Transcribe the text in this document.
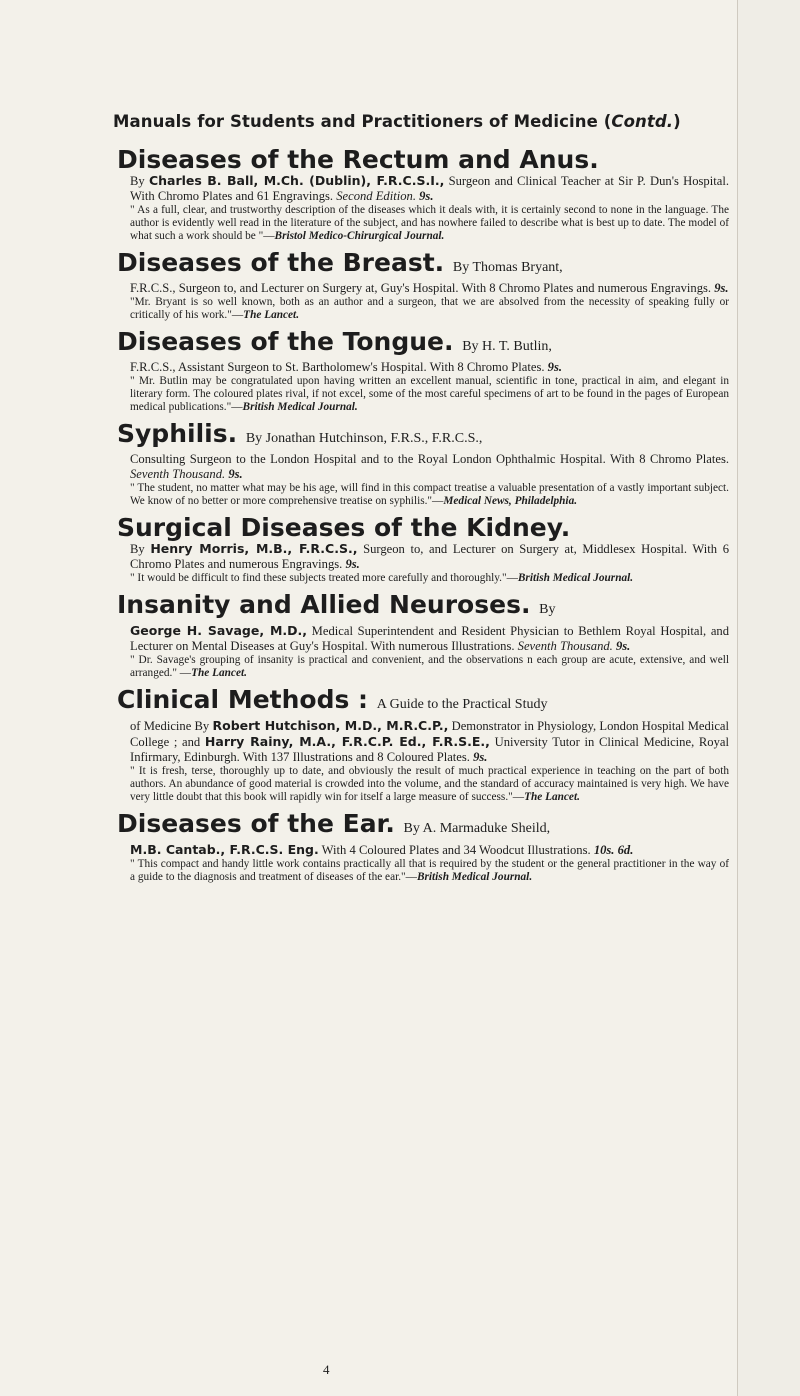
Manuals for Students and Practitioners of Medicine (Contd.)
Diseases of the Rectum and Anus.
By Charles B. Ball, M.Ch. (Dublin), F.R.C.S.I., Surgeon and Clinical Teacher at Sir P. Dun's Hospital. With Chromo Plates and 61 Engravings. Second Edition. 9s.
" As a full, clear, and trustworthy description of the diseases which it deals with, it is certainly second to none in the language. The author is evidently well read in the literature of the subject, and has nowhere failed to describe what is best up to date. The model of what such a work should be "—Bristol Medico-Chirurgical Journal.
Diseases of the Breast. By Thomas Bryant,
F.R.C.S., Surgeon to, and Lecturer on Surgery at, Guy's Hospital. With 8 Chromo Plates and numerous Engravings. 9s.
"Mr. Bryant is so well known, both as an author and a surgeon, that we are absolved from the necessity of speaking fully or critically of his work."—The Lancet.
Diseases of the Tongue. By H. T. Butlin,
F.R.C.S., Assistant Surgeon to St. Bartholomew's Hospital. With 8 Chromo Plates. 9s.
" Mr. Butlin may be congratulated upon having written an excellent manual, scientific in tone, practical in aim, and elegant in literary form. The coloured plates rival, if not excel, some of the most careful specimens of art to be found in the pages of European medical publications."—British Medical Journal.
Syphilis. By Jonathan Hutchinson, F.R.S., F.R.C.S.,
Consulting Surgeon to the London Hospital and to the Royal London Ophthalmic Hospital. With 8 Chromo Plates. Seventh Thousand. 9s.
" The student, no matter what may be his age, will find in this compact treatise a valuable presentation of a vastly important subject. We know of no better or more comprehensive treatise on syphilis."—Medical News, Philadelphia.
Surgical Diseases of the Kidney.
By Henry Morris, M.B., F.R.C.S., Surgeon to, and Lecturer on Surgery at, Middlesex Hospital. With 6 Chromo Plates and numerous Engravings. 9s.
" It would be difficult to find these subjects treated more carefully and thoroughly."—British Medical Journal.
Insanity and Allied Neuroses. By
George H. Savage, M.D., Medical Superintendent and Resident Physician to Bethlem Royal Hospital, and Lecturer on Mental Diseases at Guy's Hospital. With numerous Illustrations. Seventh Thousand. 9s.
" Dr. Savage's grouping of insanity is practical and convenient, and the observations n each group are acute, extensive, and well arranged." —The Lancet.
Clinical Methods : A Guide to the Practical Study
of Medicine By Robert Hutchison, M.D., M.R.C.P., Demonstrator in Physiology, London Hospital Medical College ; and Harry Rainy, M.A., F.R.C.P. Ed., F.R.S.E., University Tutor in Clinical Medicine, Royal Infirmary, Edinburgh. With 137 Illustrations and 8 Coloured Plates. 9s.
" It is fresh, terse, thoroughly up to date, and obviously the result of much practical experience in teaching on the part of both authors. An abundance of good material is crowded into the volume, and the standard of accuracy maintained is very high. We have very little doubt that this book will rapidly win for itself a large measure of success."—The Lancet.
Diseases of the Ear. By A. Marmaduke Sheild,
M.B. Cantab., F.R.C.S. Eng. With 4 Coloured Plates and 34 Woodcut Illustrations. 10s. 6d.
" This compact and handy little work contains practically all that is required by the student or the general practitioner in the way of a guide to the diagnosis and treatment of diseases of the ear."—British Medical Journal.
4
